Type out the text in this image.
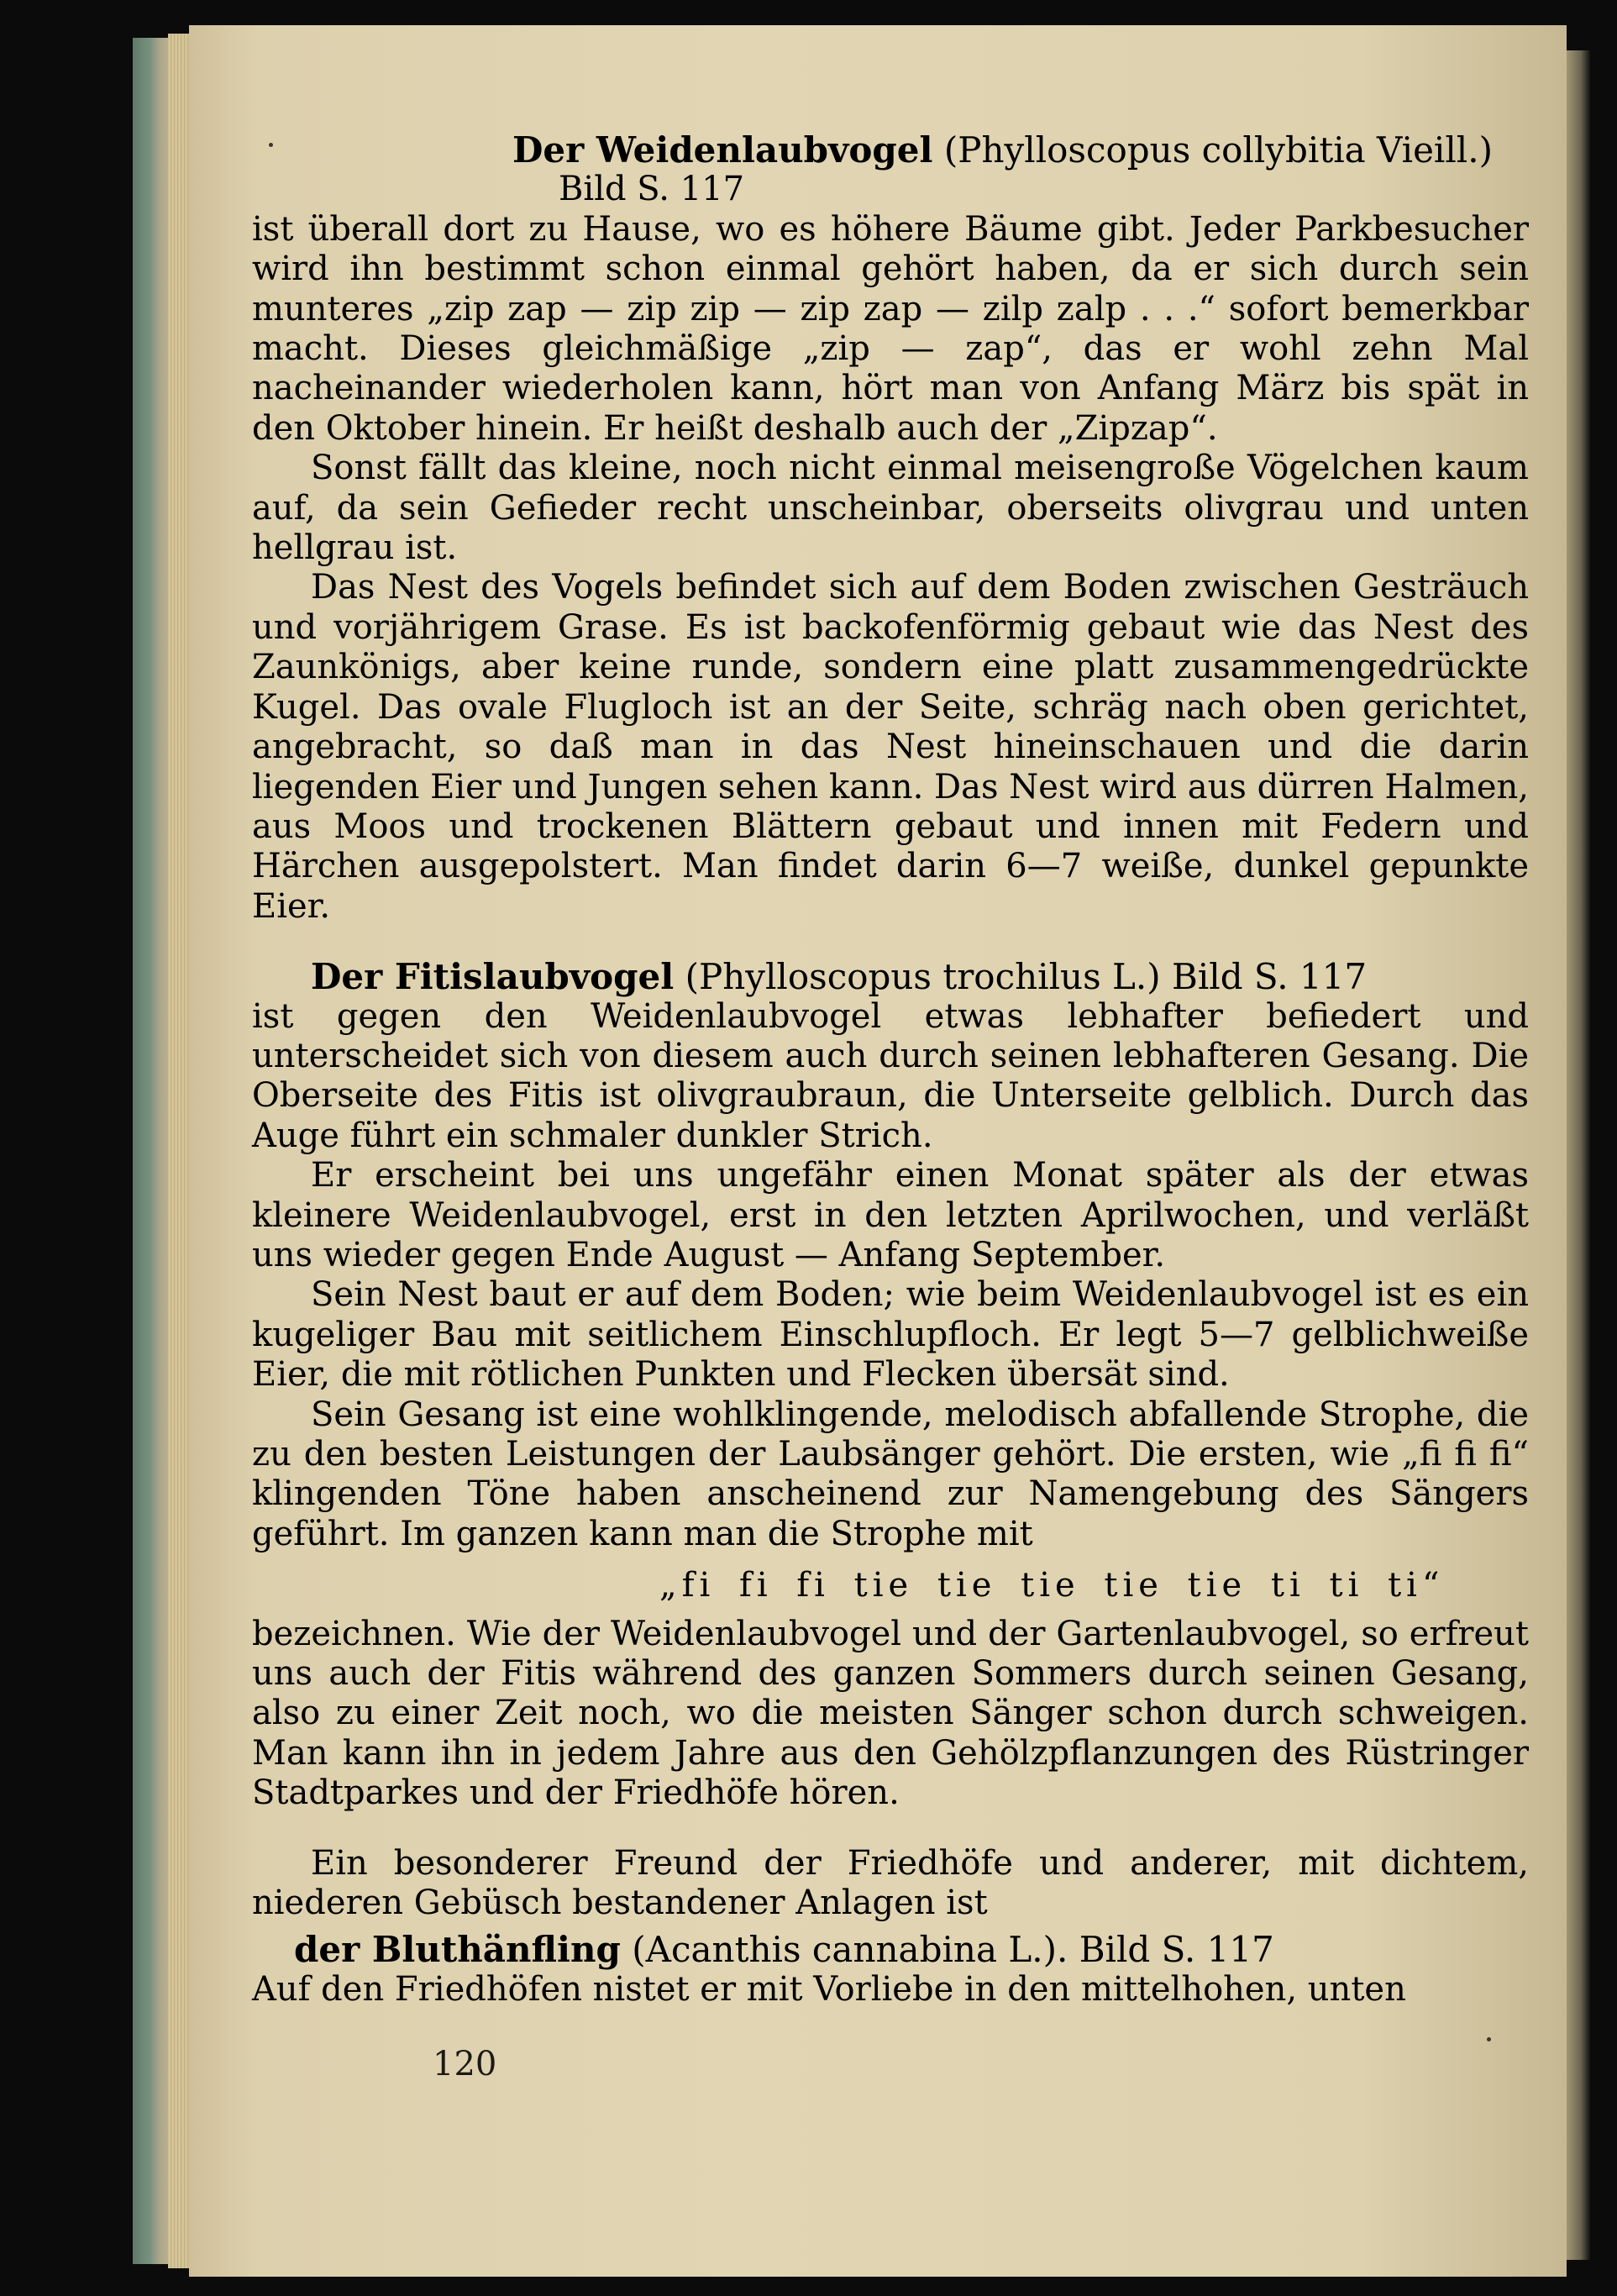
Der Weidenlaubvogel (Phylloscopus collybitia Vieill.)

Bild S. 117

ist überall dort zu Hause, wo es höhere Bäume gibt. Jeder Parkbesucher wird ihn bestimmt schon einmal gehört haben, da er sich durch sein munteres „zip zap — zip zip — zip zap — zilp zalp . . .“ sofort bemerkbar macht. Dieses gleichmäßige „zip — zap“, das er wohl zehn Mal nacheinander wiederholen kann, hört man von Anfang März bis spät in den Oktober hinein. Er heißt deshalb auch der „Zipzap“.

Sonst fällt das kleine, noch nicht einmal meisengroße Vögelchen kaum auf, da sein Gefieder recht unscheinbar, oberseits olivgrau und unten hellgrau ist.

Das Nest des Vogels befindet sich auf dem Boden zwischen Gesträuch und vorjährigem Grase. Es ist backofenförmig gebaut wie das Nest des Zaunkönigs, aber keine runde, sondern eine platt zusammengedrückte Kugel. Das ovale Flugloch ist an der Seite, schräg nach oben gerichtet, angebracht, so daß man in das Nest hineinschauen und die darin liegenden Eier und Jungen sehen kann. Das Nest wird aus dürren Halmen, aus Moos und trockenen Blättern gebaut und innen mit Federn und Härchen ausgepolstert. Man findet darin 6—7 weiße, dunkel gepunkte Eier.

Der Fitislaubvogel (Phylloscopus trochilus L.) Bild S. 117

ist gegen den Weidenlaubvogel etwas lebhafter befiedert und unterscheidet sich von diesem auch durch seinen lebhafteren Gesang. Die Oberseite des Fitis ist olivgraubraun, die Unterseite gelblich. Durch das Auge führt ein schmaler dunkler Strich.

Er erscheint bei uns ungefähr einen Monat später als der etwas kleinere Weidenlaubvogel, erst in den letzten Aprilwochen, und verläßt uns wieder gegen Ende August — Anfang September.

Sein Nest baut er auf dem Boden; wie beim Weidenlaubvogel ist es ein kugeliger Bau mit seitlichem Einschlupfloch. Er legt 5—7 gelblichweiße Eier, die mit rötlichen Punkten und Flecken übersät sind.

Sein Gesang ist eine wohlklingende, melodisch abfallende Strophe, die zu den besten Leistungen der Laubsänger gehört. Die ersten, wie „fi fi fi“ klingenden Töne haben anscheinend zur Namengebung des Sängers geführt. Im ganzen kann man die Strophe mit

„fi fi fi tie tie tie tie tie ti ti ti“

bezeichnen. Wie der Weidenlaubvogel und der Gartenlaubvogel, so erfreut uns auch der Fitis während des ganzen Sommers durch seinen Gesang, also zu einer Zeit noch, wo die meisten Sänger schon durch schweigen. Man kann ihn in jedem Jahre aus den Gehölzpflanzungen des Rüstringer Stadtparkes und der Friedhöfe hören.

Ein besonderer Freund der Friedhöfe und anderer, mit dichtem, niederen Gebüsch bestandener Anlagen ist

der Bluthänfling (Acanthis cannabina L.). Bild S. 117

Auf den Friedhöfen nistet er mit Vorliebe in den mittelhohen, unten

120
